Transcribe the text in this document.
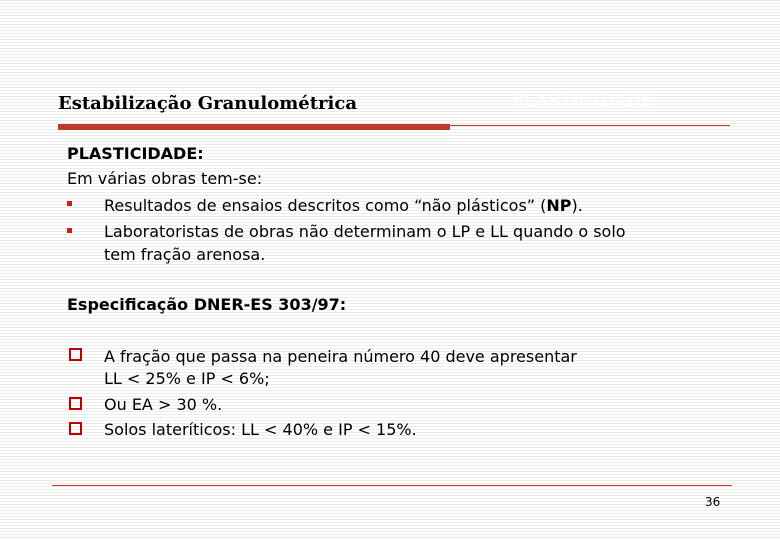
Estabilização Granulométrica	PLASTICIDADE
PLASTICIDADE:
Em várias obras tem-se:
Resultados de ensaios descritos como “não plásticos” (NP).
Laboratoristas de obras não determinam o LP e LL quando o solo
tem fração arenosa.
Especificação DNER-ES 303/97:
A fração que passa na peneira número 40 deve apresentar
LL < 25% e IP < 6%;
Ou EA > 30 %.
Solos lateríticos: LL < 40% e IP < 15%.
36
